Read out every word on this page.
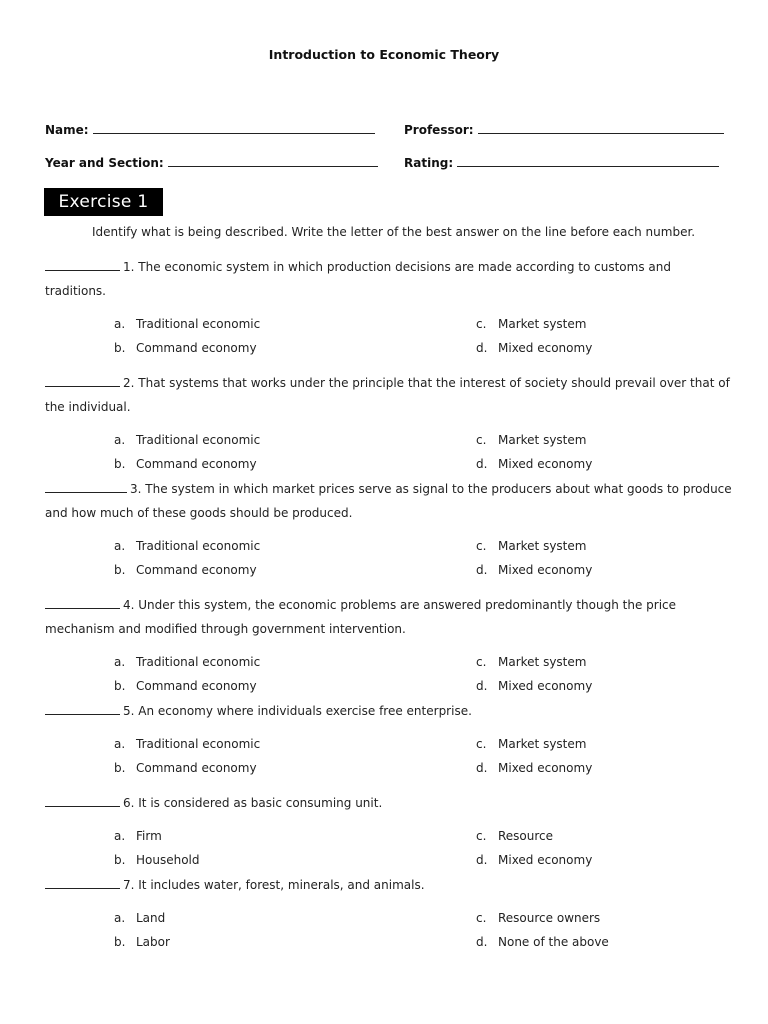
Introduction to Economic Theory
Name:	Professor:
Year and Section:	Rating:
Exercise 1
Identify what is being described. Write the letter of the best answer on the line before each number.
1. The economic system in which production decisions are made according to customs and traditions.
a. Traditional economic
b. Command economy
c. Market system
d. Mixed economy
2. That systems that works under the principle that the interest of society should prevail over that of the individual.
a. Traditional economic
b. Command economy
c. Market system
d. Mixed economy
3. The system in which market prices serve as signal to the producers about what goods to produce and how much of these goods should be produced.
a. Traditional economic
b. Command economy
c. Market system
d. Mixed economy
4. Under this system, the economic problems are answered predominantly though the price mechanism and modified through government intervention.
a. Traditional economic
b. Command economy
c. Market system
d. Mixed economy
5. An economy where individuals exercise free enterprise.
a. Traditional economic
b. Command economy
c. Market system
d. Mixed economy
6. It is considered as basic consuming unit.
a. Firm
b. Household
c. Resource
d. Mixed economy
7. It includes water, forest, minerals, and animals.
a. Land
b. Labor
c. Resource owners
d. None of the above
